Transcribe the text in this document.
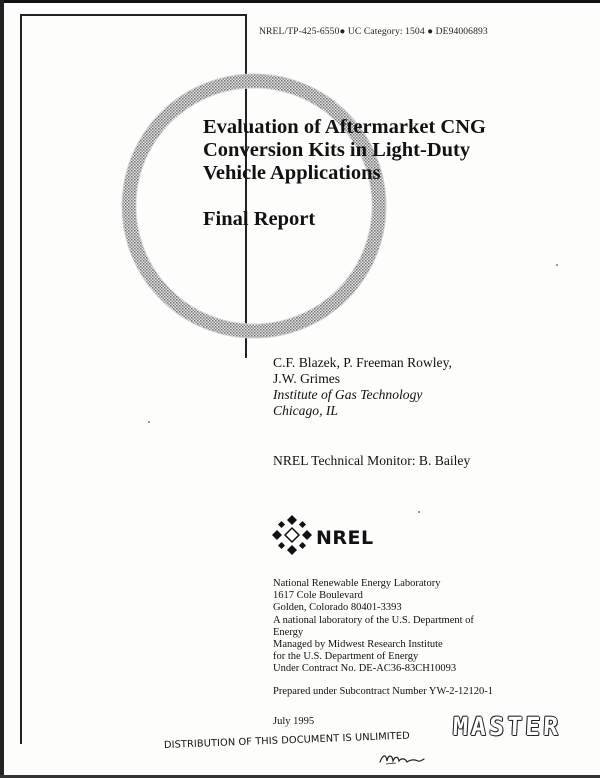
NREL/TP-425-6550● UC Category: 1504 ● DE94006893
Evaluation of Aftermarket CNG
Conversion Kits in Light-Duty
Vehicle Applications
Final Report
C.F. Blazek, P. Freeman Rowley,
J.W. Grimes
Institute of Gas Technology
Chicago, IL
NREL Technical Monitor: B. Bailey
NREL
National Renewable Energy Laboratory
1617 Cole Boulevard
Golden, Colorado 80401-3393
A national laboratory of the U.S. Department of
Energy
Managed by Midwest Research Institute
for the U.S. Department of Energy
Under Contract No. DE-AC36-83CH10093
Prepared under Subcontract Number YW-2-12120-1
July 1995	MASTER
DISTRIBUTION OF THIS DOCUMENT IS UNLIMITED
